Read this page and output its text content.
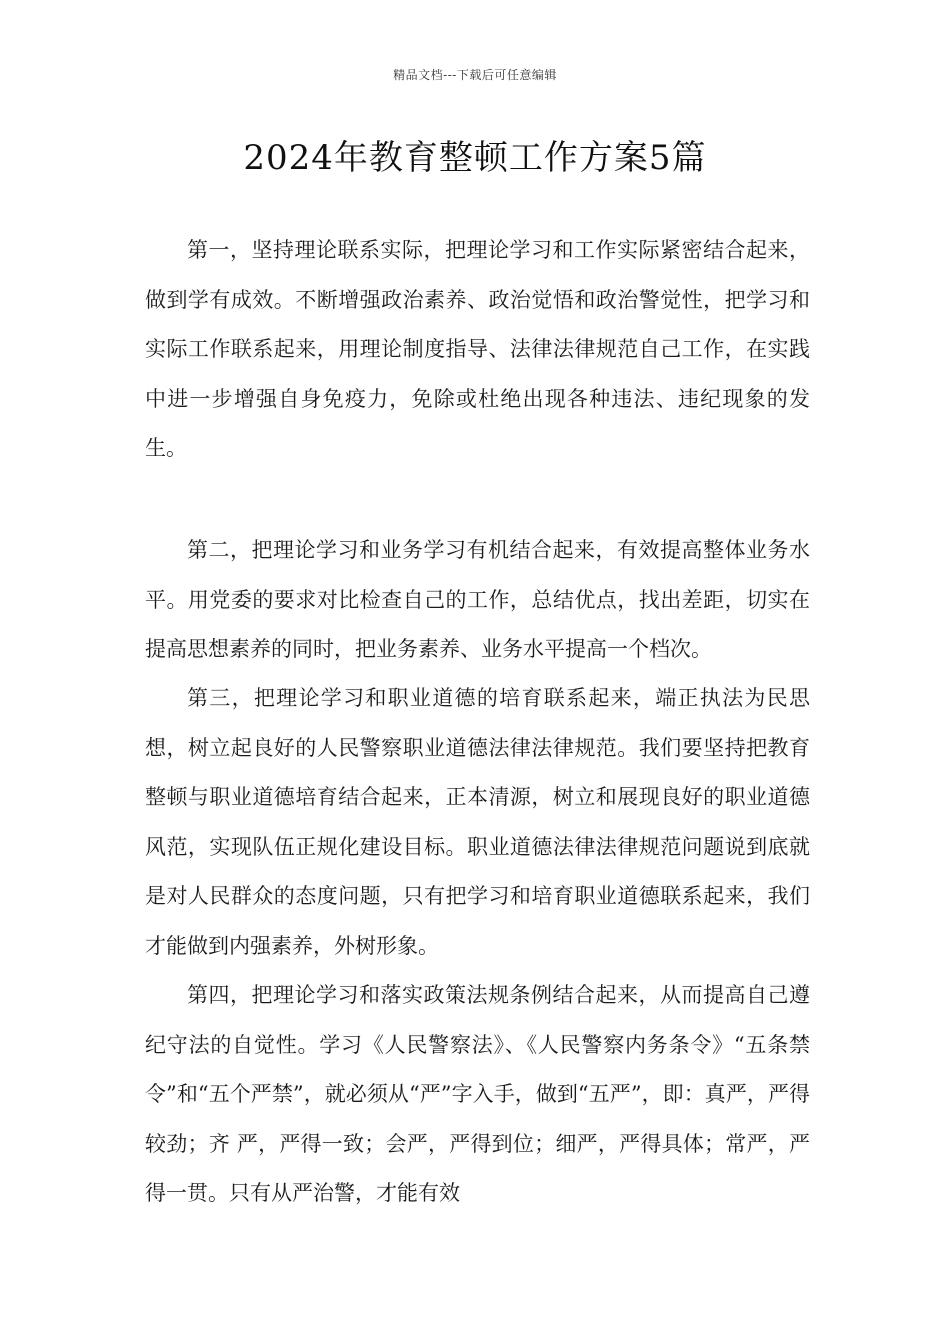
精品文档---下载后可任意编辑
2024年教育整顿工作方案5篇

第一，坚持理论联系实际，把理论学习和工作实际紧密结合起来，做到学有成效。不断增强政治素养、政治觉悟和政治警觉性，把学习和实际工作联系起来，用理论制度指导、法律法律规范自己工作，在实践中进一步增强自身免疫力，免除或杜绝出现各种违法、违纪现象的发生。

第二，把理论学习和业务学习有机结合起来，有效提高整体业务水平。用党委的要求对比检查自己的工作，总结优点，找出差距，切实在提高思想素养的同时，把业务素养、业务水平提高一个档次。

第三，把理论学习和职业道德的培育联系起来，端正执法为民思想，树立起良好的人民警察职业道德法律法律规范。我们要坚持把教育整顿与职业道德培育结合起来，正本清源，树立和展现良好的职业道德风范，实现队伍正规化建设目标。职业道德法律法律规范问题说到底就是对人民群众的态度问题，只有把学习和培育职业道德联系起来，我们才能做到内强素养，外树形象。

第四，把理论学习和落实政策法规条例结合起来，从而提高自己遵纪守法的自觉性。学习《人民警察法》、《人民警察内务条令》“五条禁令”和“五个严禁”，就必须从“严”字入手，做到“五严”，即：真严，严得较劲；齐 严，严得一致；会严，严得到位；细严，严得具体；常严，严得一贯。只有从严治警，才能有效
